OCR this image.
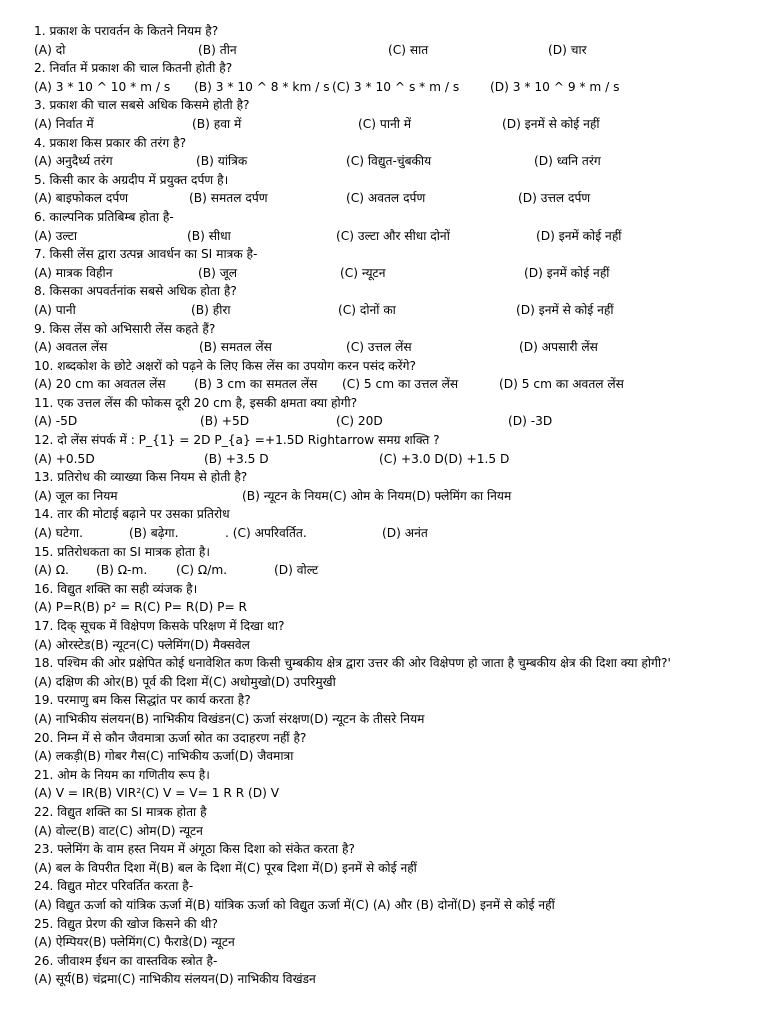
1. प्रकाश के परावर्तन के कितने नियम है?
(A) दो	(B) तीन	(C) सात	(D) चार
2. निर्वात में प्रकाश की चाल कितनी होती है?
(A) 3 * 10 ^ 10 * m / s (B) 3 * 10 ^ 8 * km / s (C) 3 * 10 ^ s * m / s	(D) 3 * 10 ^ 9 * m / s
3. प्रकाश की चाल सबसे अधिक किसमे होती है?
(A) निर्वात में	(B) हवा में	(C) पानी में	(D) इनमें से कोई नहीं
4. प्रकाश किस प्रकार की तरंग है?
(A) अनुदैर्ध्य तरंग	(B) यांत्रिक	(C) विद्युत-चुंबकीय	(D) ध्वनि तरंग
5. किसी कार के अग्रदीप में प्रयुक्त दर्पण है।
(A) बाइफोकल दर्पण	(B) समतल दर्पण	(C) अवतल दर्पण	(D) उत्तल दर्पण
6. काल्पनिक प्रतिबिम्ब होता है-
(A) उल्टा	(B) सीधा	(C) उल्टा और सीधा दोनों	(D) इनमें कोई नहीं
7. किसी लेंस द्वारा उत्पन्न आवर्धन का SI मात्रक है-
(A) मात्रक विहीन	(B) जूल	(C) न्यूटन	(D) इनमें कोई नहीं
8. किसका अपवर्तनांक सबसे अधिक होता है?
(A) पानी	(B) हीरा	(C) दोनों का	(D) इनमें से कोई नहीं
9. किस लेंस को अभिसारी लेंस कहते हैं?
(A) अवतल लेंस	(B) समतल लेंस	(C) उत्तल लेंस	(D) अपसारी लेंस
10. शब्दकोश के छोटे अक्षरों को पढ़ने के लिए किस लेंस का उपयोग करन पसंद करेंगे?
(A) 20 cm का अवतल लेंस (B) 3 cm का समतल लेंस (C) 5 cm का उत्तल लेंस	(D) 5 cm का अवतल लेंस
11. एक उत्तल लेंस की फोकस दूरी 20 cm है, इसकी क्षमता क्या होगी?
(A) -5D	(B) +5D	(C) 20D	(D) -3D
12. दो लेंस संपर्क में : P_{1} = 2D P_{a} =+1.5D Rightarrow समग्र शक्ति ?
(A) +0.5D	(B) +3.5 D	(C) +3.0 D(D) +1.5 D
13. प्रतिरोध की व्याख्या किस नियम से होती है?
(A) जूल का नियम	(B) न्यूटन के नियम(C) ओम के नियम(D) फ्लेमिंग का नियम
14. तार की मोटाई बढ़ाने पर उसका प्रतिरोध
(A) घटेगा.	(B) बढ़ेगा.	. (C) अपरिवर्तित.	(D) अनंत
15. प्रतिरोधकता का SI मात्रक होता है।
(A) Ω. (B) Ω-m. (C) Ω/m.	(D) वोल्ट
16. विद्युत शक्ति का सही व्यंजक है।
(A) P=R(B) p² = R(C) P= R(D) P= R
17. दिक् सूचक में विक्षेपण किसके परिक्षण में दिखा था?
(A) ओरस्टेड(B) न्यूटन(C) फ्लेमिंग(D) मैक्सवेल
18. पश्चिम की ओर प्रक्षेपित कोई धनावेशित कण किसी चुम्बकीय क्षेत्र द्वारा उत्तर की ओर विक्षेपण हो जाता है चुम्बकीय क्षेत्र की दिशा क्या होगी?'
(A) दक्षिण की ओर(B) पूर्व की दिशा में(C) अधोमुखो(D) उपरिमुखी
19. परमाणु बम किस सिद्धांत पर कार्य करता है?
(A) नाभिकीय संलयन(B) नाभिकीय विखंडन(C) ऊर्जा संरक्षण(D) न्यूटन के तीसरे नियम
20. निम्न में से कौन जैवमात्रा ऊर्जा स्रोत का उदाहरण नहीं है?
(A) लकड़ी(B) गोबर गैस(C) नाभिकीय ऊर्जा(D) जैवमात्रा
21. ओम के नियम का गणितीय रूप है।
(A) V = IR(B) VIR²(C) V = V= 1 R R (D) V
22. विद्युत शक्ति का SI मात्रक होता है
(A) वोल्ट(B) वाट(C) ओम(D) न्यूटन
23. फ्लेमिंग के वाम हस्त नियम में अंगूठा किस दिशा को संकेत करता है?
(A) बल के विपरीत दिशा में(B) बल के दिशा में(C) पूरब दिशा में(D) इनमें से कोई नहीं
24. विद्युत मोटर परिवर्तित करता है-
(A) विद्युत ऊर्जा को यांत्रिक ऊर्जा में(B) यांत्रिक ऊर्जा को विद्युत ऊर्जा में(C) (A) और (B) दोनों(D) इनमें से कोई नहीं
25. विद्युत प्रेरण की खोज किसने की थी?
(A) ऐम्पियर(B) फ्लेमिंग(C) फैराडे(D) न्यूटन
26. जीवाश्म ईंधन का वास्तविक स्त्रोत है-
(A) सूर्य(B) चंद्रमा(C) नाभिकीय संलयन(D) नाभिकीय विखंडन
